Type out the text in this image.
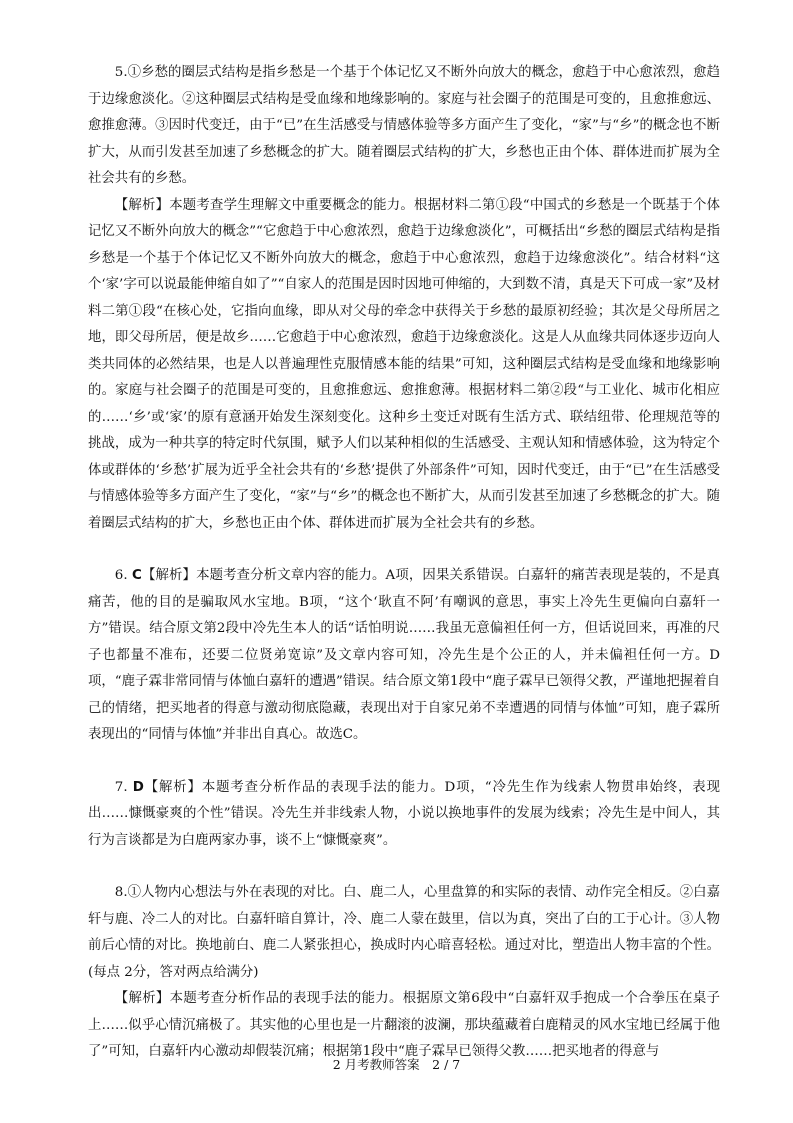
5.①乡愁的圈层式结构是指乡愁是一个基于个体记忆又不断外向放大的概念，愈趋于中心愈浓烈，愈趋于边缘愈淡化。②这种圈层式结构是受血缘和地缘影响的。家庭与社会圈子的范围是可变的，且愈推愈远、愈推愈薄。③因时代变迁，由于“已”在生活感受与情感体验等多方面产生了变化，“家”与“乡”的概念也不断扩大，从而引发甚至加速了乡愁概念的扩大。随着圈层式结构的扩大，乡愁也正由个体、群体进而扩展为全社会共有的乡愁。

【解析】本题考查学生理解文中重要概念的能力。根据材料二第①段“中国式的乡愁是一个既基于个体记忆又不断外向放大的概念”“它愈趋于中心愈浓烈，愈趋于边缘愈淡化”，可概括出“乡愁的圈层式结构是指乡愁是一个基于个体记忆又不断外向放大的概念，愈趋于中心愈浓烈，愈趋于边缘愈淡化”。结合材料“这个‘家’字可以说最能伸缩自如了”“自家人的范围是因时因地可伸缩的，大到数不清，真是天下可成一家”及材料二第①段“在核心处，它指向血缘，即从对父母的牵念中获得关于乡愁的最原初经验；其次是父母所居之地，即父母所居，便是故乡……它愈趋于中心愈浓烈，愈趋于边缘愈淡化。这是人从血缘共同体逐步迈向人类共同体的必然结果，也是人以普遍理性克服情感本能的结果”可知，这种圈层式结构是受血缘和地缘影响的。家庭与社会圈子的范围是可变的，且愈推愈远、愈推愈薄。根据材料二第②段“与工业化、城市化相应的……‘乡’或‘家’的原有意涵开始发生深刻变化。这种乡土变迁对既有生活方式、联结纽带、伦理规范等的挑战，成为一种共享的特定时代氛围，赋予人们以某种相似的生活感受、主观认知和情感体验，这为特定个体或群体的‘乡愁’扩展为近乎全社会共有的‘乡愁’提供了外部条件”可知，因时代变迁，由于“已”在生活感受与情感体验等多方面产生了变化，“家”与“乡”的概念也不断扩大，从而引发甚至加速了乡愁概念的扩大。随着圈层式结构的扩大，乡愁也正由个体、群体进而扩展为全社会共有的乡愁。

6. C【解析】本题考查分析文章内容的能力。A项，因果关系错误。白嘉轩的痛苦表现是装的，不是真痛苦，他的目的是骗取风水宝地。B项，“这个‘耿直不阿’有嘲讽的意思，事实上冷先生更偏向白嘉轩一方”错误。结合原文第2段中冷先生本人的话“话怕明说……我虽无意偏袒任何一方，但话说回来，再准的尺子也都量不准布，还要二位贤弟宽谅”及文章内容可知，冷先生是个公正的人，并未偏袒任何一方。D项，“鹿子霖非常同情与体恤白嘉轩的遭遇”错误。结合原文第1段中“鹿子霖早已领得父教，严谨地把握着自己的情绪，把买地者的得意与激动彻底隐藏，表现出对于自家兄弟不幸遭遇的同情与体恤”可知，鹿子霖所表现出的“同情与体恤”并非出自真心。故选C。

7. D【解析】本题考查分析作品的表现手法的能力。D项，“冷先生作为线索人物贯串始终，表现出……慷慨豪爽的个性”错误。冷先生并非线索人物，小说以换地事件的发展为线索；冷先生是中间人，其行为言谈都是为白鹿两家办事，谈不上“慷慨豪爽”。

8.①人物内心想法与外在表现的对比。白、鹿二人，心里盘算的和实际的表情、动作完全相反。②白嘉轩与鹿、冷二人的对比。白嘉轩暗自算计，冷、鹿二人蒙在鼓里，信以为真，突出了白的工于心计。③人物前后心情的对比。换地前白、鹿二人紧张担心，换成时内心暗喜轻松。通过对比，塑造出人物丰富的个性。(每点 2分，答对两点给满分)

【解析】本题考查分析作品的表现手法的能力。根据原文第6段中“白嘉轩双手抱成一个合拳压在桌子上……似乎心情沉痛极了。其实他的心里也是一片翻滚的波澜，那块蕴藏着白鹿精灵的风水宝地已经属于他了”可知，白嘉轩内心激动却假装沉痛；根据第1段中“鹿子霖早已领得父教……把买地者的得意与

2 月考教师答案　2 / 7
